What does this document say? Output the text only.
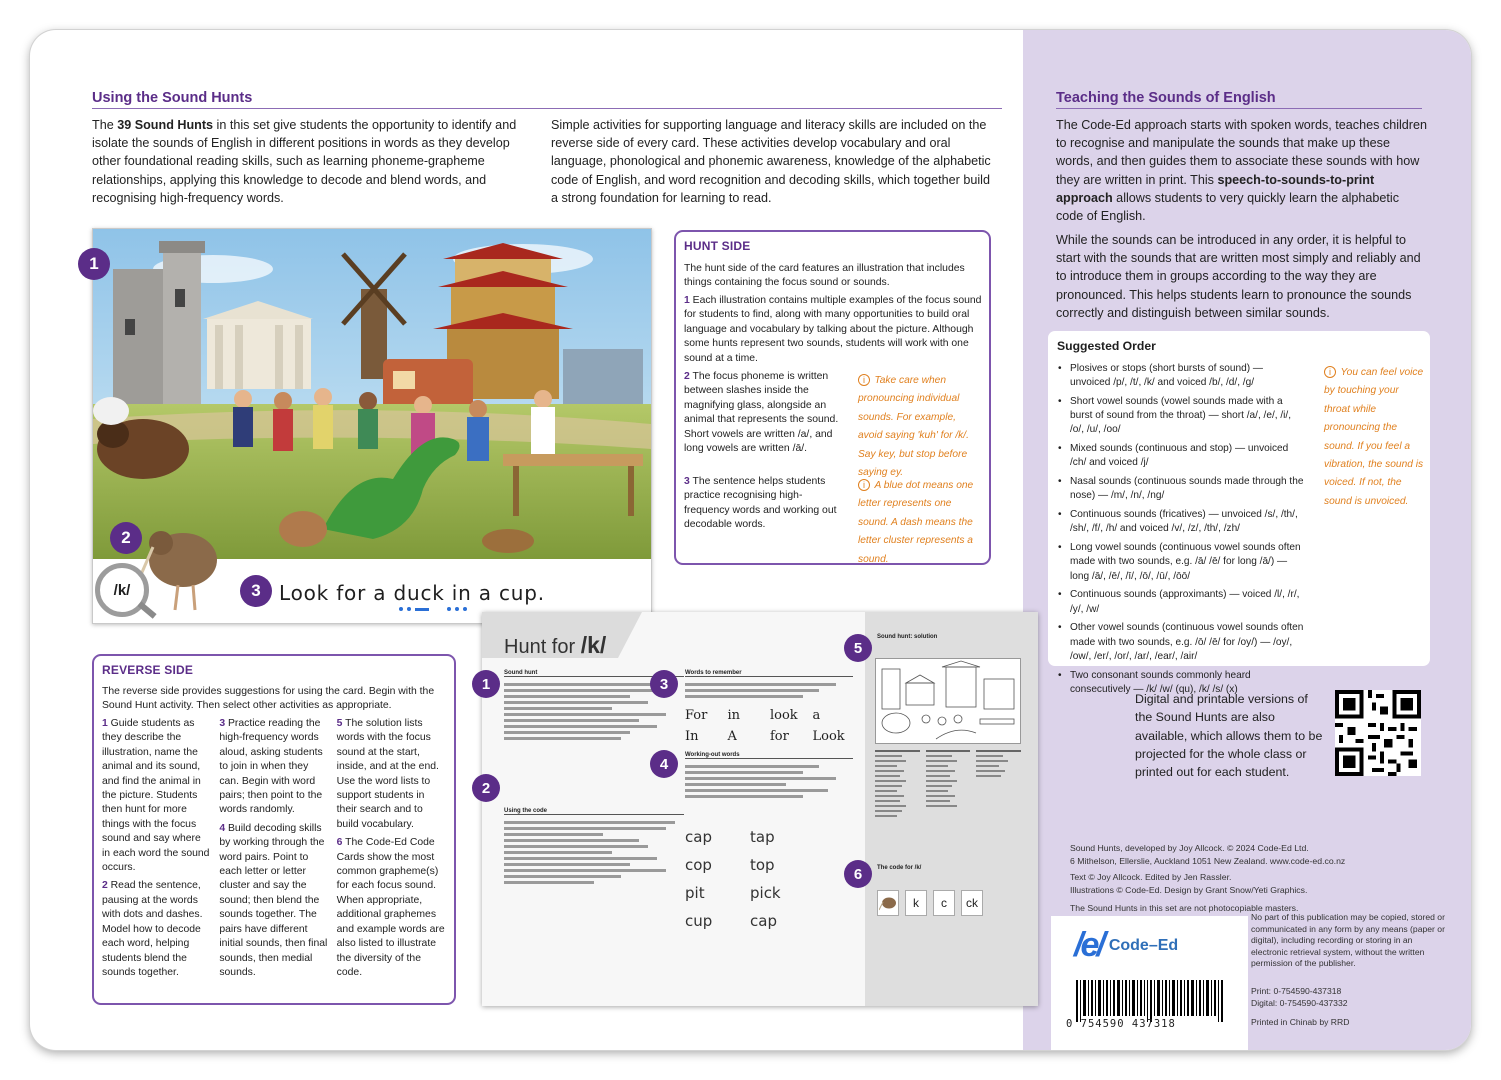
Using the Sound Hunts
The 39 Sound Hunts in this set give students the opportunity to identify and isolate the sounds of English in different positions in words as they develop other foundational reading skills, such as learning phoneme-grapheme relationships, applying this knowledge to decode and blend words, and recognising high-frequency words.
Simple activities for supporting language and literacy skills are included on the reverse side of every card. These activities develop vocabulary and oral language, phonological and phonemic awareness, knowledge of the alphabetic code of English, and word recognition and decoding skills, which together build a strong foundation for learning to read.
/k/	Look for a duck in a cup.
1
2
3
HUNT SIDE
The hunt side of the card features an illustration that includes things containing the focus sound or sounds.
1 Each illustration contains multiple examples of the focus sound for students to find, along with many opportunities to build oral language and vocabulary by talking about the picture. Although some hunts represent two sounds, students will work with one sound at a time.
2 The focus phoneme is written between slashes inside the magnifying glass, alongside an animal that represents the sound. Short vowels are written /a/, and long vowels are written /ā/.
3 The sentence helps students practice recognising high-frequency words and working out decodable words.
i Take care when pronouncing individual sounds. For example, avoid saying 'kuh' for /k/. Say key, but stop before saying ey.
i A blue dot means one letter represents one sound. A dash means the letter cluster represents a sound.
REVERSE SIDE
The reverse side provides suggestions for using the card. Begin with the Sound Hunt activity. Then select other activities as appropriate.
1 Guide students as they describe the illustration, name the animal and its sound, and find the animal in the picture. Students then hunt for more things with the focus sound and say where in each word the sound occurs.
2 Read the sentence, pausing at the words with dots and dashes. Model how to decode each word, helping students blend the sounds together.
3 Practice reading the high-frequency words aloud, asking students to join in when they can. Begin with word pairs; then point to the words randomly.
4 Build decoding skills by working through the word pairs. Point to each letter or letter cluster and say the sound; then blend the sounds together. The pairs have different initial sounds, then final sounds, then medial sounds.
5 The solution lists words with the focus sound at the start, inside, and at the end. Use the word lists to support students in their search and to build vocabulary.
6 The Code-Ed Code Cards show the most common grapheme(s) for each focus sound. When appropriate, additional graphemes and example words are also listed to illustrate the diversity of the code.
Hunt for /k/
Sound hunt
Using the code
Words to remember
For	in	look	a
In	A	for	Look
Working-out words
cap	tap
cop	top
pit	pick
cup	cap
Sound hunt: solution
The code for /k/
k	c	ck
1
2
3
4
5
6
Teaching the Sounds of English
The Code-Ed approach starts with spoken words, teaches children to recognise and manipulate the sounds that make up these words, and then guides them to associate these sounds with how they are written in print. This speech-to-sounds-to-print approach allows students to very quickly learn the alphabetic code of English.
While the sounds can be introduced in any order, it is helpful to start with the sounds that are written most simply and reliably and to introduce them in groups according to the way they are pronounced. This helps students learn to pronounce the sounds correctly and distinguish between similar sounds.
Suggested Order
• Plosives or stops (short bursts of sound) — unvoiced /p/, /t/, /k/ and voiced /b/, /d/, /g/
• Short vowel sounds (vowel sounds made with a burst of sound from the throat) — short /a/, /e/, /i/, /o/, /u/, /oo/
• Mixed sounds (continuous and stop) — unvoiced /ch/ and voiced /j/
• Nasal sounds (continuous sounds made through the nose) — /m/, /n/, /ng/
• Continuous sounds (fricatives) — unvoiced /s/, /th/, /sh/, /f/, /h/ and voiced /v/, /z/, /th/, /zh/
• Long vowel sounds (continuous vowel sounds often made with two sounds, e.g. /ā/ /ē/ for long /ā/) — long /ā/, /ē/, /ī/, /ō/, /ū/, /ōō/
• Continuous sounds (approximants) — voiced /l/, /r/, /y/, /w/
• Other vowel sounds (continuous vowel sounds often made with two sounds, e.g. /ō/ /ē/ for /oy/) — /oy/, /ow/, /er/, /or/, /ar/, /ear/, /air/
• Two consonant sounds commonly heard consecutively — /k/ /w/ (qu), /k/ /s/ (x)
i You can feel voice by touching your throat while pronouncing the sound. If you feel a vibration, the sound is voiced. If not, the sound is unvoiced.
Digital and printable versions of the Sound Hunts are also available, which allows them to be projected for the whole class or printed out for each student.
Sound Hunts, developed by Joy Allcock. © 2024 Code-Ed Ltd.
6 Mithelson, Ellerslie, Auckland 1051 New Zealand. www.code-ed.co.nz
Text © Joy Allcock. Edited by Jen Rassler.
Illustrations © Code-Ed. Design by Grant Snow/Yeti Graphics.
The Sound Hunts in this set are not photocopiable masters.
/e/ Code–Ed
0 754590 437318
No part of this publication may be copied, stored or communicated in any form by any means (paper or digital), including recording or storing in an electronic retrieval system, without the written permission of the publisher.
Print: 0-754590-437318
Digital: 0-754590-437332
Printed in Chinab by RRD
